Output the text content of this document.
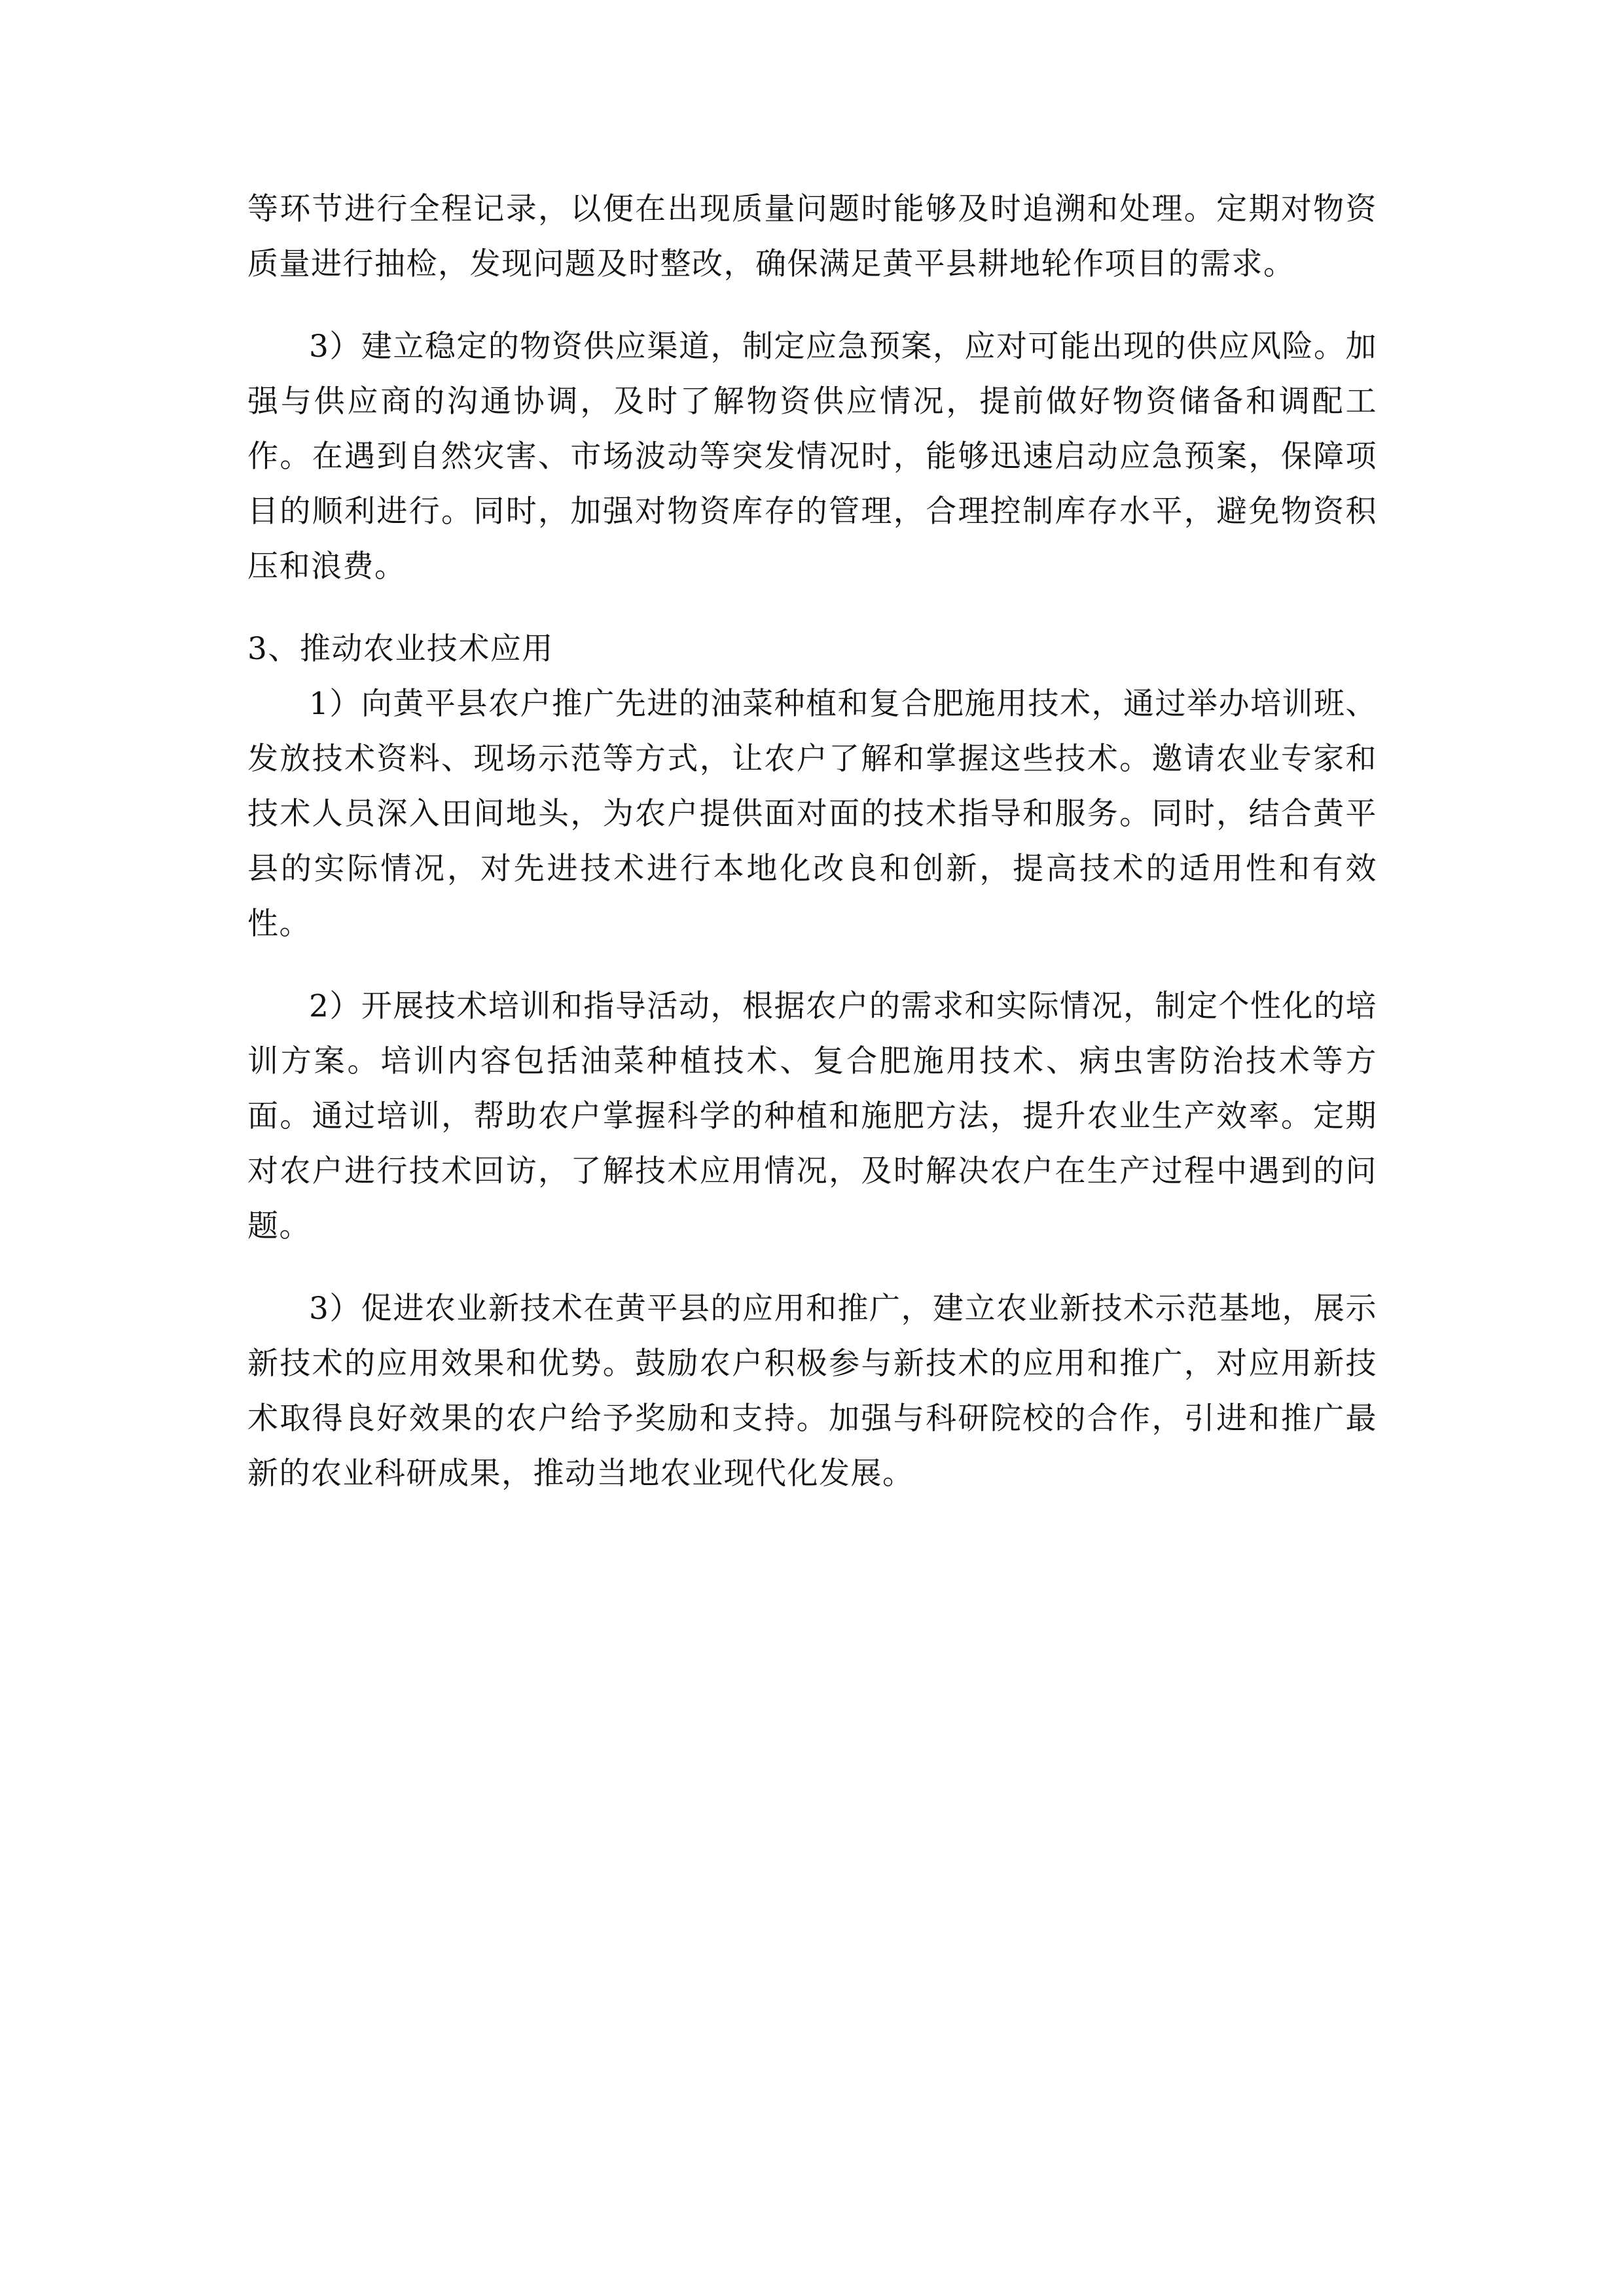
等环节进行全程记录，以便在出现质量问题时能够及时追溯和处理。定期对物资质量进行抽检，发现问题及时整改，确保满足黄平县耕地轮作项目的需求。

3）建立稳定的物资供应渠道，制定应急预案，应对可能出现的供应风险。加强与供应商的沟通协调，及时了解物资供应情况，提前做好物资储备和调配工作。在遇到自然灾害、市场波动等突发情况时，能够迅速启动应急预案，保障项目的顺利进行。同时，加强对物资库存的管理，合理控制库存水平，避免物资积压和浪费。

3、推动农业技术应用

1）向黄平县农户推广先进的油菜种植和复合肥施用技术，通过举办培训班、发放技术资料、现场示范等方式，让农户了解和掌握这些技术。邀请农业专家和技术人员深入田间地头，为农户提供面对面的技术指导和服务。同时，结合黄平县的实际情况，对先进技术进行本地化改良和创新，提高技术的适用性和有效性。

2）开展技术培训和指导活动，根据农户的需求和实际情况，制定个性化的培训方案。培训内容包括油菜种植技术、复合肥施用技术、病虫害防治技术等方面。通过培训，帮助农户掌握科学的种植和施肥方法，提升农业生产效率。定期对农户进行技术回访，了解技术应用情况，及时解决农户在生产过程中遇到的问题。

3）促进农业新技术在黄平县的应用和推广，建立农业新技术示范基地，展示新技术的应用效果和优势。鼓励农户积极参与新技术的应用和推广，对应用新技术取得良好效果的农户给予奖励和支持。加强与科研院校的合作，引进和推广最新的农业科研成果，推动当地农业现代化发展。
